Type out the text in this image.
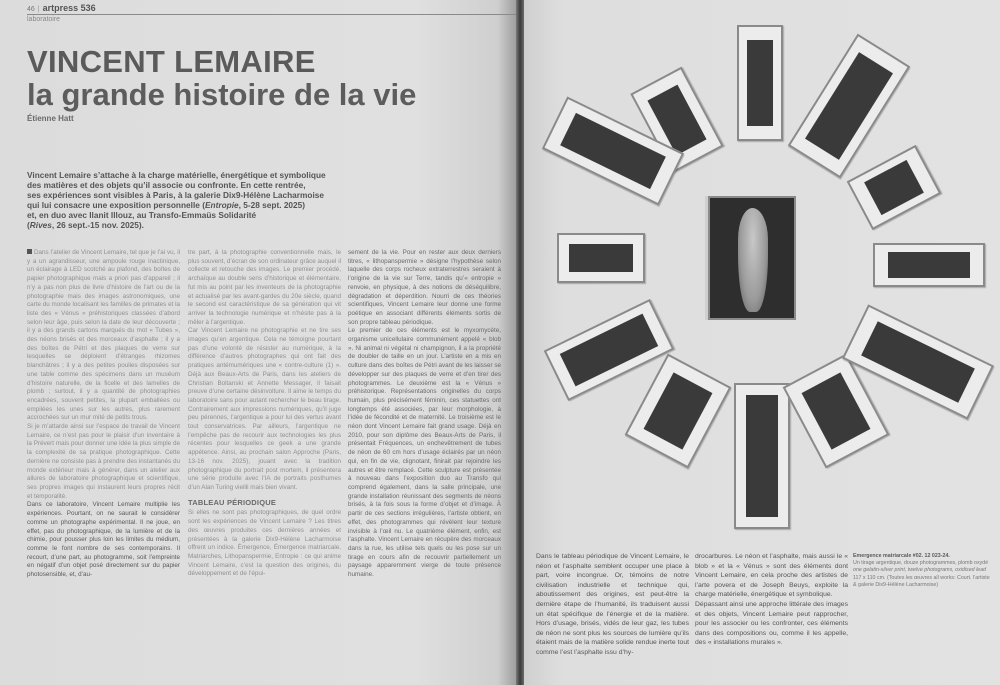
46 | artpress 536
laboratoire
VINCENT LEMAIRE
la grande histoire de la vie
Étienne Hatt

Vincent Lemaire s’attache à la charge matérielle, énergétique et symbolique

des matières et des objets qu’il associe ou confronte. En cette rentrée,

ses expériences sont visibles à Paris, à la galerie Dix9-Hélène Lacharmoise

qui lui consacre une exposition personnelle (Entropie, 5-28 sept. 2025)

et, en duo avec Ilanit Illouz, au Transfo-Emmaüs Solidarité

(Rives, 26 sept.-15 nov. 2025).

Dans l’atelier de Vincent Lemaire, tel que je l’ai vu, il y a un agrandisseur, une ampoule rouge inactinique, un éclairage à LED scotché au plafond, des boîtes de papier photographique mais a priori pas d’appareil ; il n’y a pas non plus de livre d’histoire de l’art ou de la photographie mais des images astronomiques, une carte du monde localisant les familles de primates et la liste des « Vénus » préhistoriques classées d’abord selon leur âge, puis selon la date de leur découverte ; il y a des grands cartons marqués du mot « Tubes », des néons brisés et des morceaux d’asphalte ; il y a des boîtes de Pétri et des plaques de verre sur lesquelles se déploient d’étranges rhizomes blanchâtres ; il y a des petites poulies disposées sur une table comme des spécimens dans un muséum d’histoire naturelle, de la ficelle et des lamelles de plomb ; surtout, il y a quantité de photographies encadrées, souvent petites, la plupart emballées ou empilées les unes sur les autres, plus rarement accrochées sur un mur mité de petits trous.

Si je m’attarde ainsi sur l’espace de travail de Vincent Lemaire, ce n’est pas pour le plaisir d’un inventaire à la Prévert mais pour donner une idée la plus simple de la complexité de sa pratique photographique. Cette dernière ne consiste pas à prendre des instantanés du monde extérieur mais à générer, dans un atelier aux allures de laboratoire photographique et scientifique, ses propres images qui instaurent leurs propres récit et temporalité.

Dans ce laboratoire, Vincent Lemaire multiplie les expériences. Pourtant, on ne saurait le considérer comme un photographe expérimental. Il ne joue, en effet, pas du photographique, de la lumière et de la chimie, pour pousser plus loin les limites du médium, comme le font nombre de ses contemporains. Il recourt, d’une part, au photogramme, soit l’empreinte en négatif d’un objet posé directement sur du papier photosensible, et, d’au-

tre part, à la photographie conventionnelle mais, le plus souvent, d’écran de son ordinateur grâce auquel il collecte et retouche des images. Le premier procédé, archaïque au double sens d’historique et élémentaire, fut mis au point par les inventeurs de la photographie et actualisé par les avant-gardes du 20e siècle, quand le second est caractéristique de sa génération qui vit arriver la technologie numérique et n’hésite pas à la mêler à l’argentique.

Car Vincent Lemaire ne photographie et ne tire ses images qu’en argentique. Cela ne témoigne pourtant pas d’une volonté de résister au numérique, à la différence d’autres photographes qui ont fait des pratiques antémumériques une « contre-culture (1) ». Déjà aux Beaux-Arts de Paris, dans les ateliers de Christian Boltanski et Annette Messager, il faisait preuve d’une certaine désinvolture. Il aime le temps du laboratoire sans pour autant rechercher le beau tirage. Contrairement aux impressions numériques, qu’il juge peu pérennes, l’argentique a pour lui des vertus avant tout conservatrices. Par ailleurs, l’argentique ne l’empêche pas de recourir aux technologies les plus récentes pour lesquelles ce geek a une grande appétence. Ainsi, au prochain salon Approche (Paris, 13-16 nov. 2025), jouant avec la tradition photographique du portrait post mortem, il présentera une série produite avec l’IA de portraits posthumes d’un Alan Turing vieilli mais bien vivant.

TABLEAU PÉRIODIQUE

Si elles ne sont pas photographiques, de quel ordre sont les expériences de Vincent Lemaire ? Les titres des œuvres produites ces dernières années et présentées à la galerie Dix9-Hélène Lacharmoise offrent un indice. Émergence, Émergence matriarcale, Matriarches, Lithopanspermie, Entropie : ce qui anime Vincent Lemaire, c’est la question des origines, du développement et de l’épui-

sement de la vie. Pour en rester aux deux derniers titres, « lithopanspermie » désigne l’hypothèse selon laquelle des corps rocheux extraterrestres seraient à l’origine de la vie sur Terre, tandis qu’« entropie » renvoie, en physique, à des notions de déséquilibre, dégradation et déperdition. Nourri de ces théories scientifiques, Vincent Lemaire leur donne une forme poétique en associant différents éléments sortis de son propre tableau périodique.

Le premier de ces éléments est le myxomycète, organisme unicellulaire communément appelé « blob ». Ni animal ni végétal ni champignon, il a la propriété de doubler de taille en un jour. L’artiste en a mis en culture dans des boîtes de Pétri avant de les laisser se développer sur des plaques de verre et d’en tirer des photogrammes. Le deuxième est la « Vénus » préhistorique. Représentations originelles du corps humain, plus précisément féminin, ces statuettes ont longtemps été associées, par leur morphologie, à l’idée de fécondité et de maternité. Le troisième est le néon dont Vincent Lemaire fait grand usage. Déjà en 2010, pour son diplôme des Beaux-Arts de Paris, il présentait Fréquences, un enchevêtrement de tubes de néon de 60 cm hors d’usage éclairés par un néon qui, en fin de vie, clignotant, finirait par rejoindre les autres et être remplacé. Cette sculpture est présentée à nouveau dans l’exposition duo au Transfo qui comprend également, dans la salle principale, une grande installation réunissant des segments de néons brisés, à la fois sous la forme d’objet et d’image. À partir de ces sections irrégulières, l’artiste obtient, en effet, des photogrammes qui révèlent leur texture invisible à l’œil nu. Le quatrième élément, enfin, est l’asphalte. Vincent Lemaire en récupère des morceaux dans la rue, les utilise tels quels ou les pose sur un tirage en cours afin de recouvrir partiellement un paysage apparemment vierge de toute présence humaine.

Dans le tableau périodique de Vincent Lemaire, le néon et l’asphalte semblent occuper une place à part, voire incongrue. Or, témoins de notre civilisation industrielle et technique qui, aboutissement des origines, est peut-être la dernière étape de l’humanité, ils traduisent aussi un état spécifique de l’énergie et de la matière. Hors d’usage, brisés, vidés de leur gaz, les tubes de néon ne sont plus les sources de lumière qu’ils étaient mais de la matière solide rendue inerte tout comme l’est l’asphalte issu d’hy-

drocarbures. Le néon et l’asphalte, mais aussi le « blob » et la « Vénus » sont des éléments dont Vincent Lemaire, en cela proche des artistes de l’arte povera et de Joseph Beuys, exploite la charge matérielle, énergétique et symbolique.

Dépassant ainsi une approche littérale des images et des objets, Vincent Lemaire peut rapprocher, pour les associer ou les confronter, ces éléments dans des compositions ou, comme il les appelle, des « installations murales ».

Emergence matriarcale #02. 12 023-24.
Un tirage argentique, douze photogrammes, plomb oxydé one gelatin-silver print, twelve photograms, oxidised lead 117 x 110 cm. (Toutes les œuvres all works: Court. l’artiste & galerie Dix9-Hélène Lacharmoise)
